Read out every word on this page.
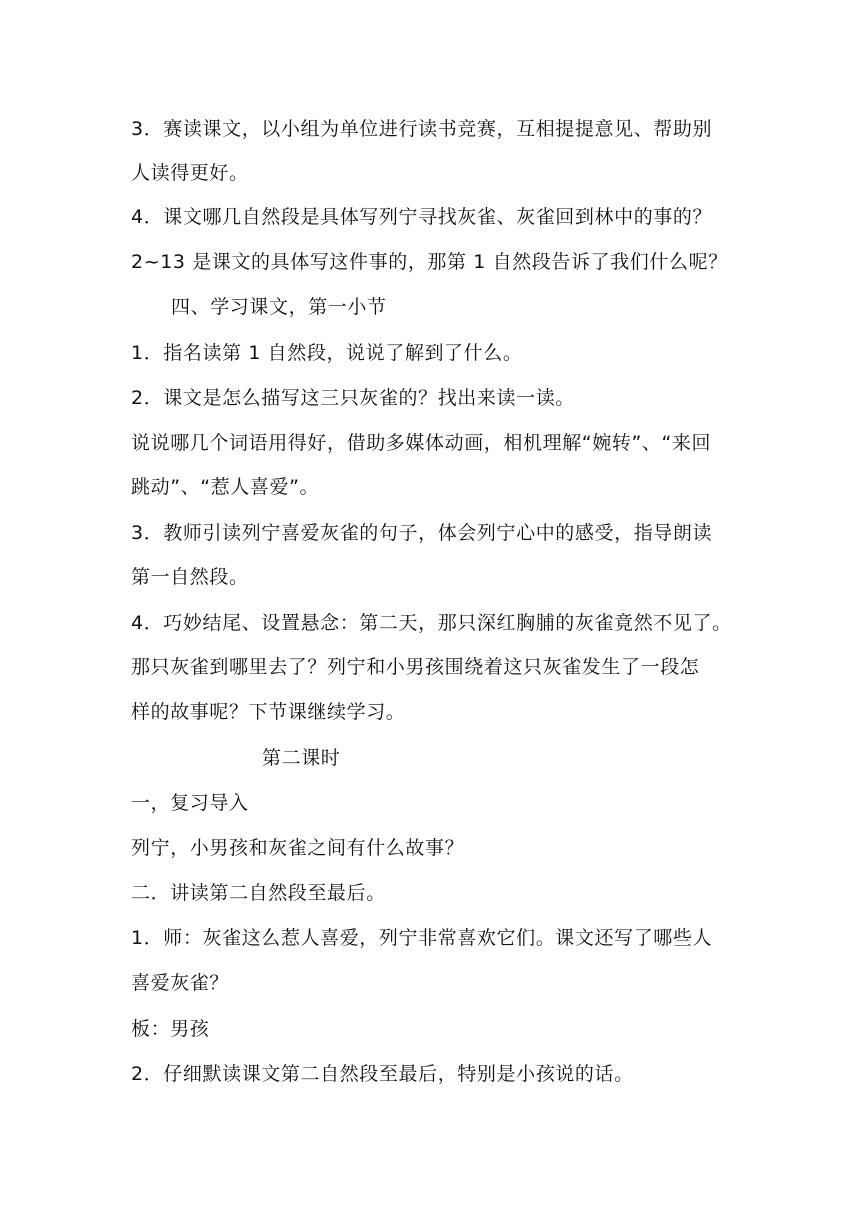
3．赛读课文，以小组为单位进行读书竞赛，互相提提意见、帮助别
人读得更好。
4．课文哪几自然段是具体写列宁寻找灰雀、灰雀回到林中的事的？
2~13 是课文的具体写这件事的，那第 1 自然段告诉了我们什么呢？
四、学习课文，第一小节
1．指名读第 1 自然段，说说了解到了什么。
2．课文是怎么描写这三只灰雀的？找出来读一读。
说说哪几个词语用得好，借助多媒体动画，相机理解“婉转”、“来回
跳动”、“惹人喜爱”。
3．教师引读列宁喜爱灰雀的句子，体会列宁心中的感受，指导朗读
第一自然段。
4．巧妙结尾、设置悬念：第二天，那只深红胸脯的灰雀竟然不见了。
那只灰雀到哪里去了？列宁和小男孩围绕着这只灰雀发生了一段怎
样的故事呢？下节课继续学习。
第二课时
一，复习导入
列宁，小男孩和灰雀之间有什么故事？
二．讲读第二自然段至最后。
1．师：灰雀这么惹人喜爱，列宁非常喜欢它们。课文还写了哪些人
喜爱灰雀？
板：男孩
2．仔细默读课文第二自然段至最后，特别是小孩说的话。
